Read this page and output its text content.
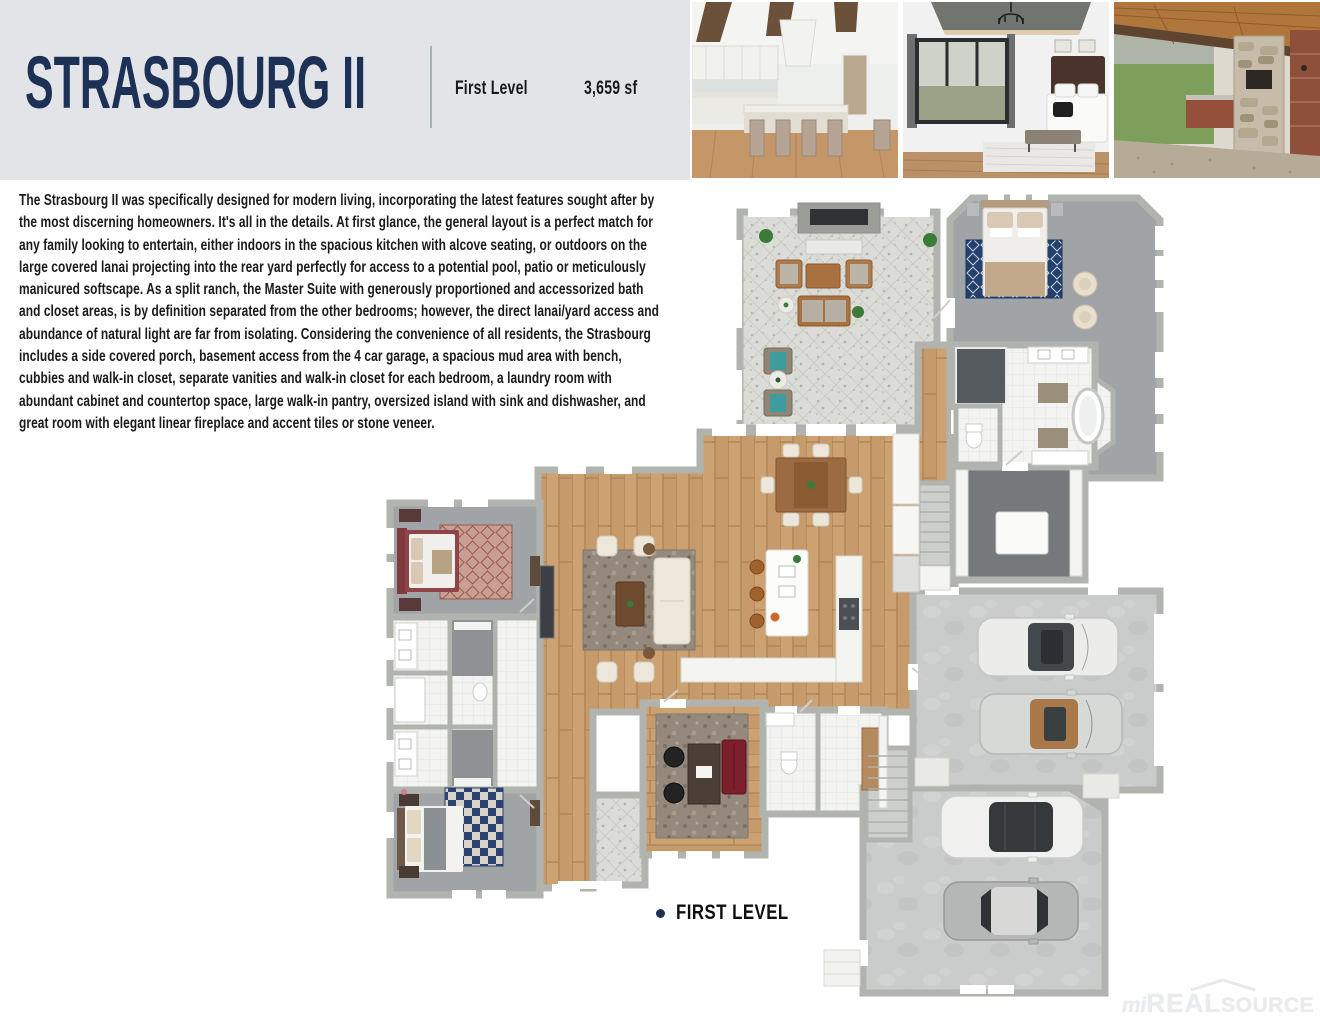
STRASBOURG II	First Level	3,659 sf

The Strasbourg II was specifically designed for modern living, incorporating the latest features sought after by the most discerning homeowners. It's all in the details. At first glance, the general layout is a perfect match for any family looking to entertain, either indoors in the spacious kitchen with alcove seating, or outdoors on the large covered lanai projecting into the rear yard perfectly for access to a potential pool, patio or meticulously manicured softscape. As a split ranch, the Master Suite with generously proportioned and accessorized bath and closet areas, is by definition separated from the other bedrooms; however, the direct lanai/yard access and abundance of natural light are far from isolating. Considering the convenience of all residents, the Strasbourg includes a side covered porch, basement access from the 4 car garage, a spacious mud area with bench, cubbies and walk-in closet, separate vanities and walk-in closet for each bedroom, a laundry room with abundant cabinet and countertop space, large walk-in pantry, oversized island with sink and dishwasher, and great room with elegant linear fireplace and accent tiles or stone veneer.

FIRST LEVEL
mi REAL SOURCE
